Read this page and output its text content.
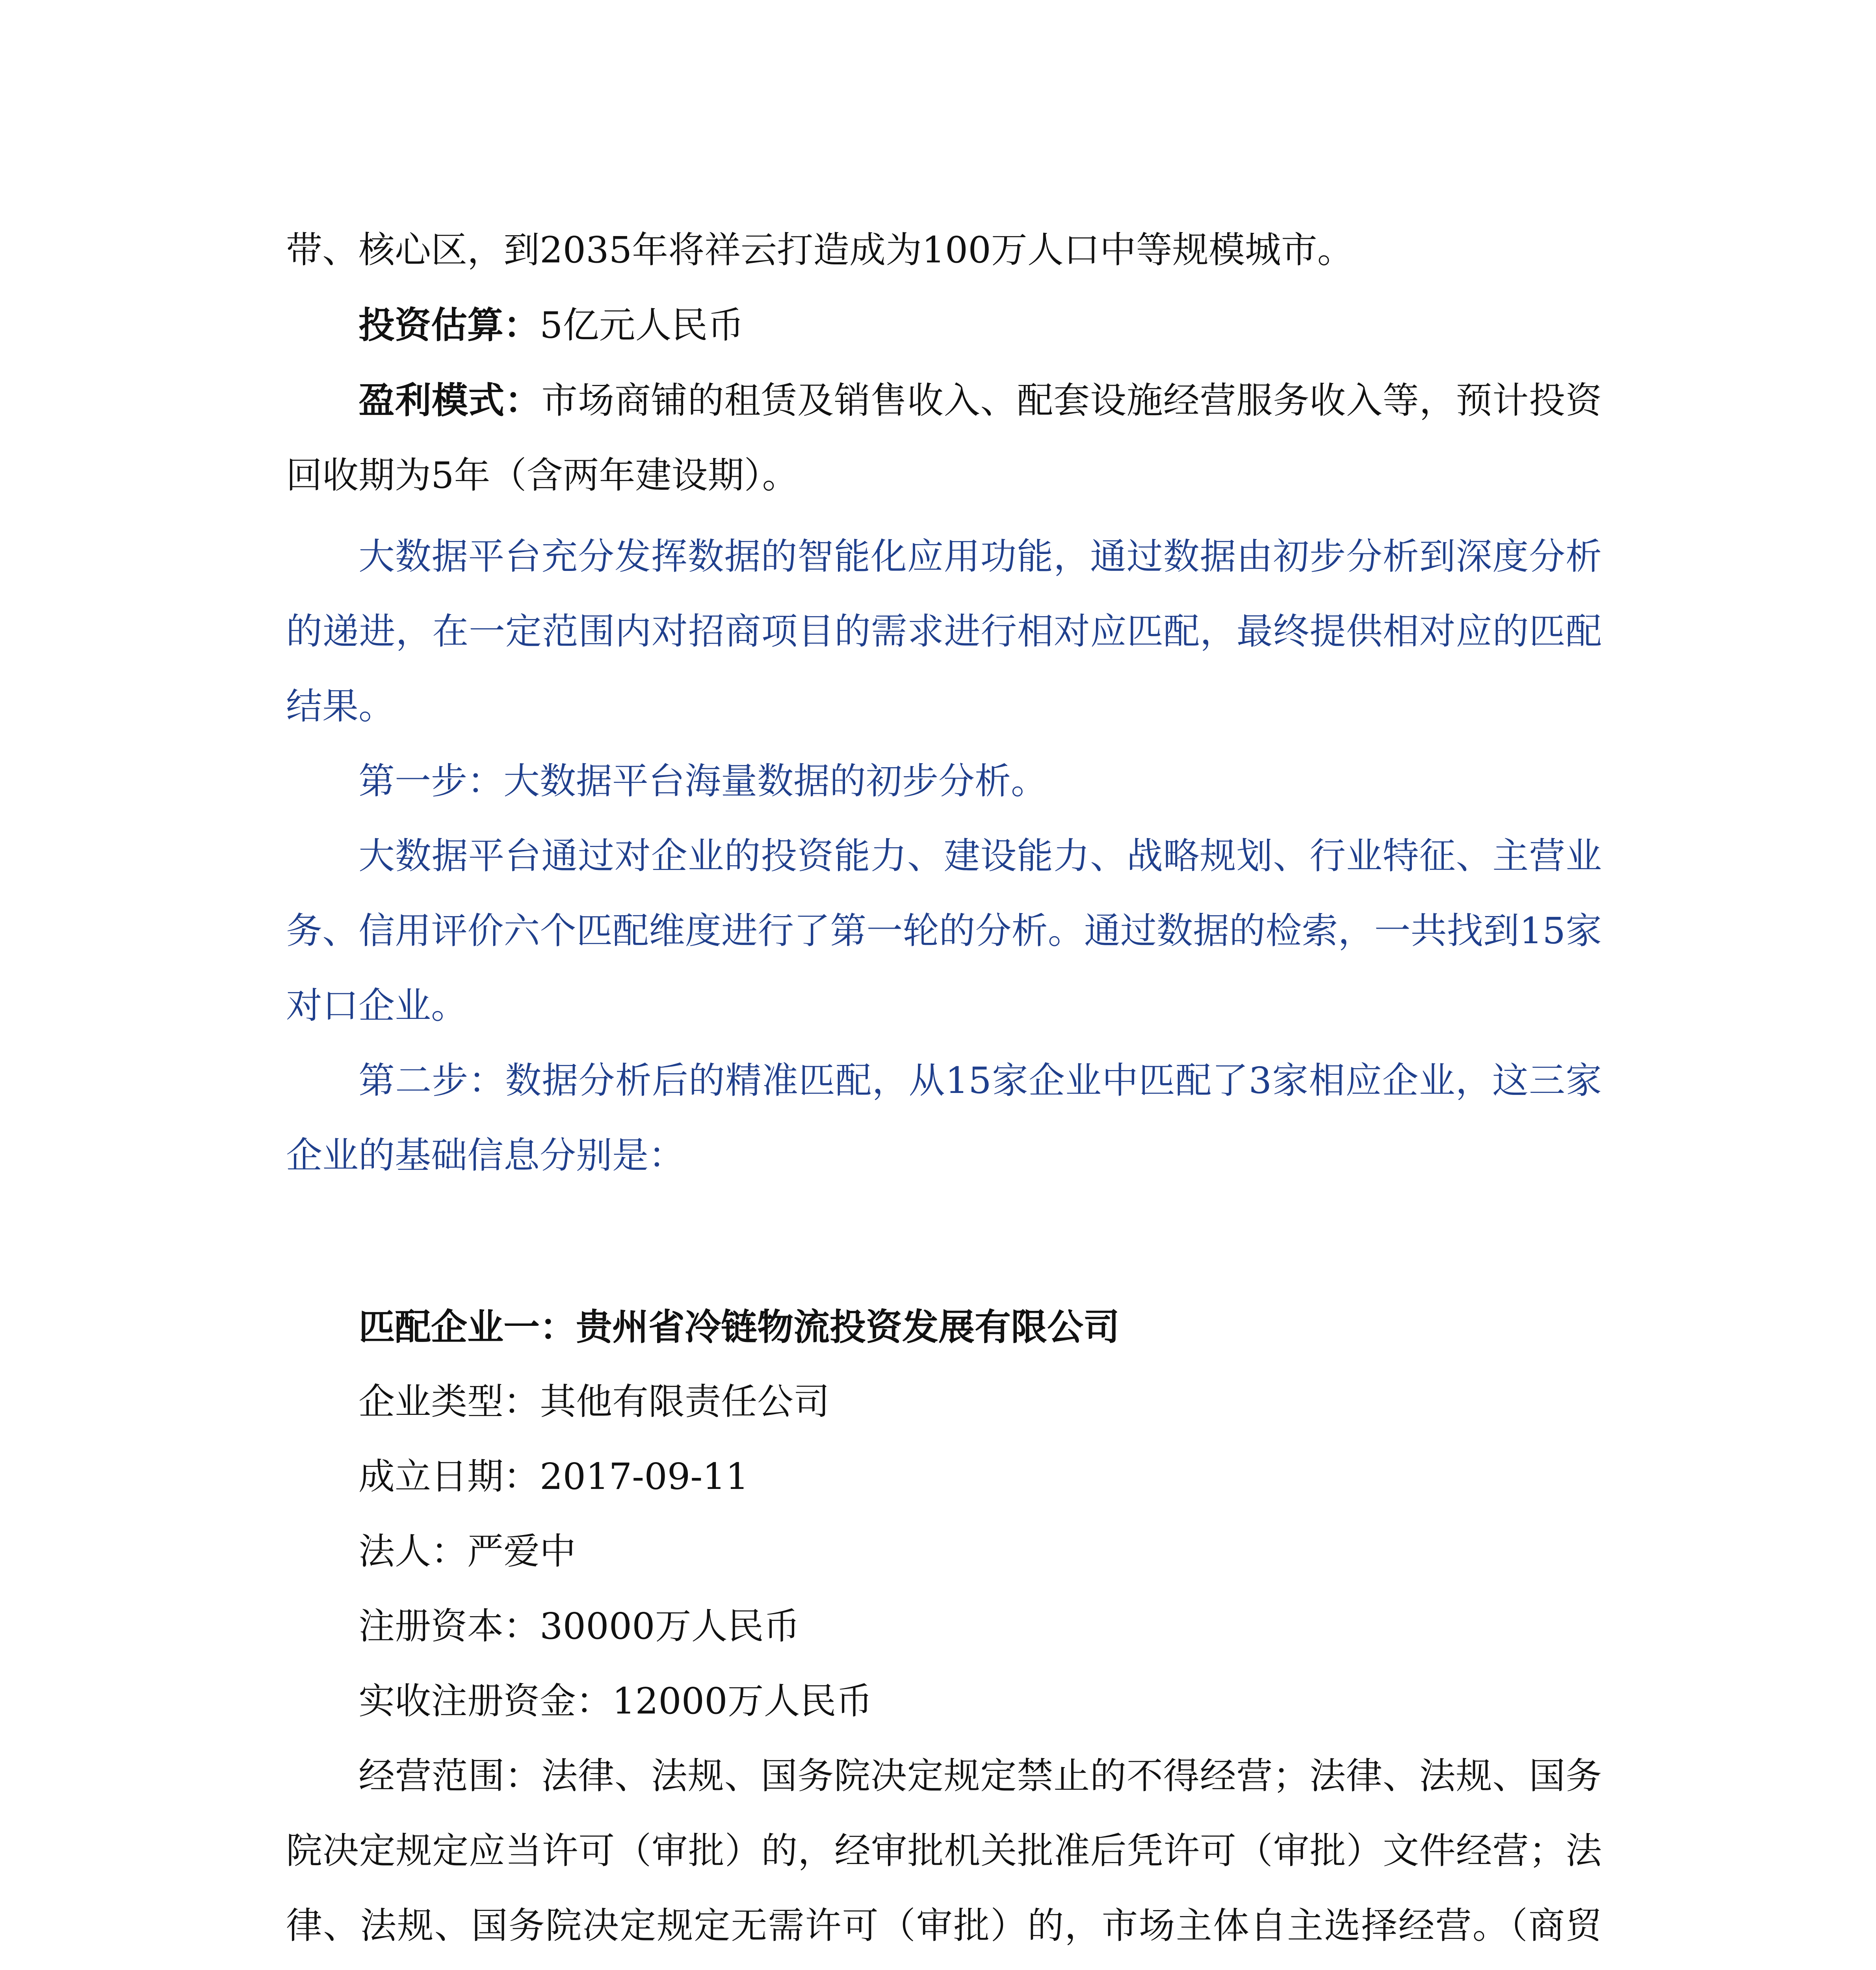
带、核心区，到2035年将祥云打造成为100万人口中等规模城市。

投资估算：5亿元人民币

盈利模式：市场商铺的租赁及销售收入、配套设施经营服务收入等，预计投资回收期为5年（含两年建设期）。

大数据平台充分发挥数据的智能化应用功能，通过数据由初步分析到深度分析的递进，在一定范围内对招商项目的需求进行相对应匹配，最终提供相对应的匹配结果。

第一步：大数据平台海量数据的初步分析。

大数据平台通过对企业的投资能力、建设能力、战略规划、行业特征、主营业务、信用评价六个匹配维度进行了第一轮的分析。通过数据的检索，一共找到15家对口企业。

第二步：数据分析后的精准匹配，从15家企业中匹配了3家相应企业，这三家企业的基础信息分别是：

匹配企业一：贵州省冷链物流投资发展有限公司

企业类型：其他有限责任公司

成立日期：2017-09-11

法人：严爱中

注册资本：30000万人民币

实收注册资金：12000万人民币

经营范围：法律、法规、国务院决定规定禁止的不得经营；法律、法规、国务院决定规定应当许可（审批）的，经审批机关批准后凭许可（审批）文件经营；法律、法规、国务院决定规定无需许可（审批）的，市场主体自主选择经营。（商贸
